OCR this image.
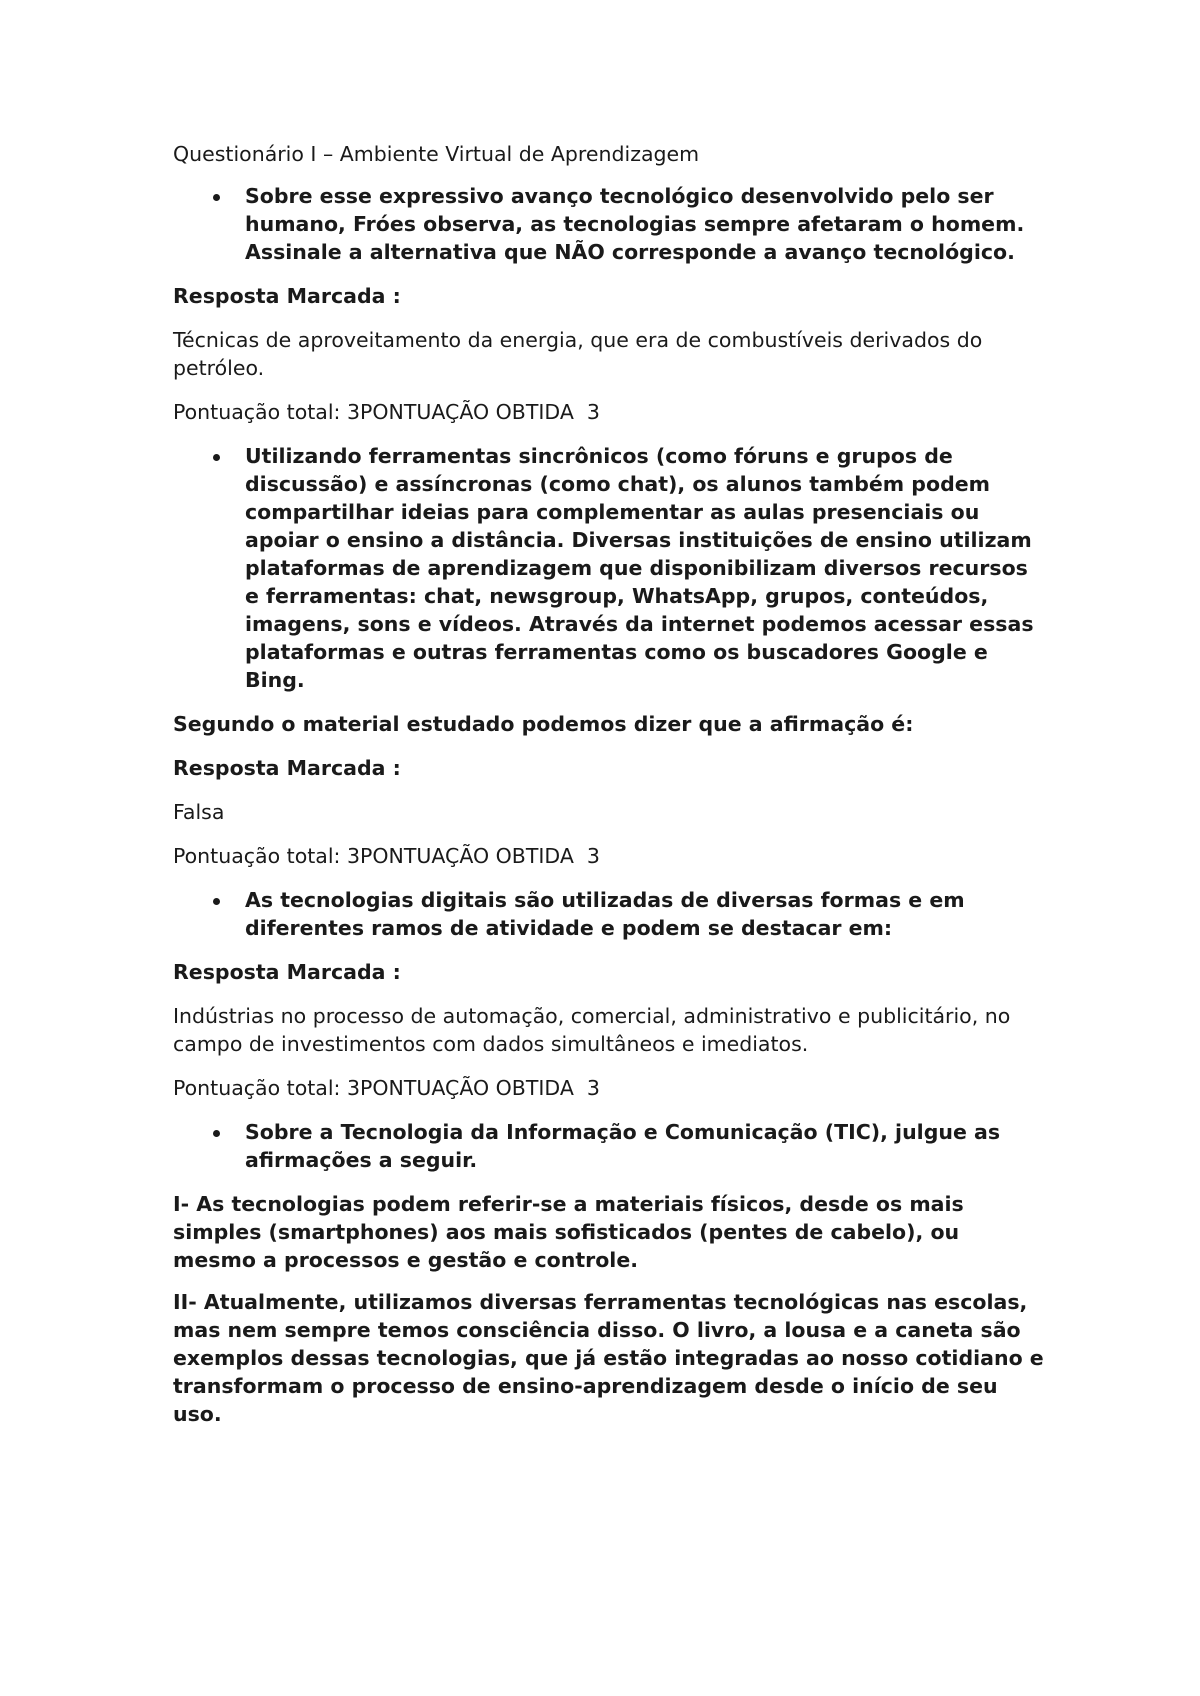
Questionário I – Ambiente Virtual de Aprendizagem
Sobre esse expressivo avanço tecnológico desenvolvido pelo ser humano, Fróes observa, as tecnologias sempre afetaram o homem. Assinale a alternativa que NÃO corresponde a avanço tecnológico.
Resposta Marcada :
Técnicas de aproveitamento da energia, que era de combustíveis derivados do petróleo.
Pontuação total: 3PONTUAÇÃO OBTIDA  3
Utilizando ferramentas sincrônicos (como fóruns e grupos de discussão) e assíncronas (como chat), os alunos também podem compartilhar ideias para complementar as aulas presenciais ou apoiar o ensino a distância. Diversas instituições de ensino utilizam plataformas de aprendizagem que disponibilizam diversos recursos e ferramentas: chat, newsgroup, WhatsApp, grupos, conteúdos, imagens, sons e vídeos. Através da internet podemos acessar essas plataformas e outras ferramentas como os buscadores Google e Bing.
Segundo o material estudado podemos dizer que a afirmação é:
Resposta Marcada :
Falsa
Pontuação total: 3PONTUAÇÃO OBTIDA  3
As tecnologias digitais são utilizadas de diversas formas e em diferentes ramos de atividade e podem se destacar em:
Resposta Marcada :
Indústrias no processo de automação, comercial, administrativo e publicitário, no campo de investimentos com dados simultâneos e imediatos.
Pontuação total: 3PONTUAÇÃO OBTIDA  3
Sobre a Tecnologia da Informação e Comunicação (TIC), julgue as afirmações a seguir.
I- As tecnologias podem referir-se a materiais físicos, desde os mais simples (smartphones) aos mais sofisticados (pentes de cabelo), ou mesmo a processos e gestão e controle.
II- Atualmente, utilizamos diversas ferramentas tecnológicas nas escolas, mas nem sempre temos consciência disso. O livro, a lousa e a caneta são exemplos dessas tecnologias, que já estão integradas ao nosso cotidiano e transformam o processo de ensino-aprendizagem desde o início de seu uso.
